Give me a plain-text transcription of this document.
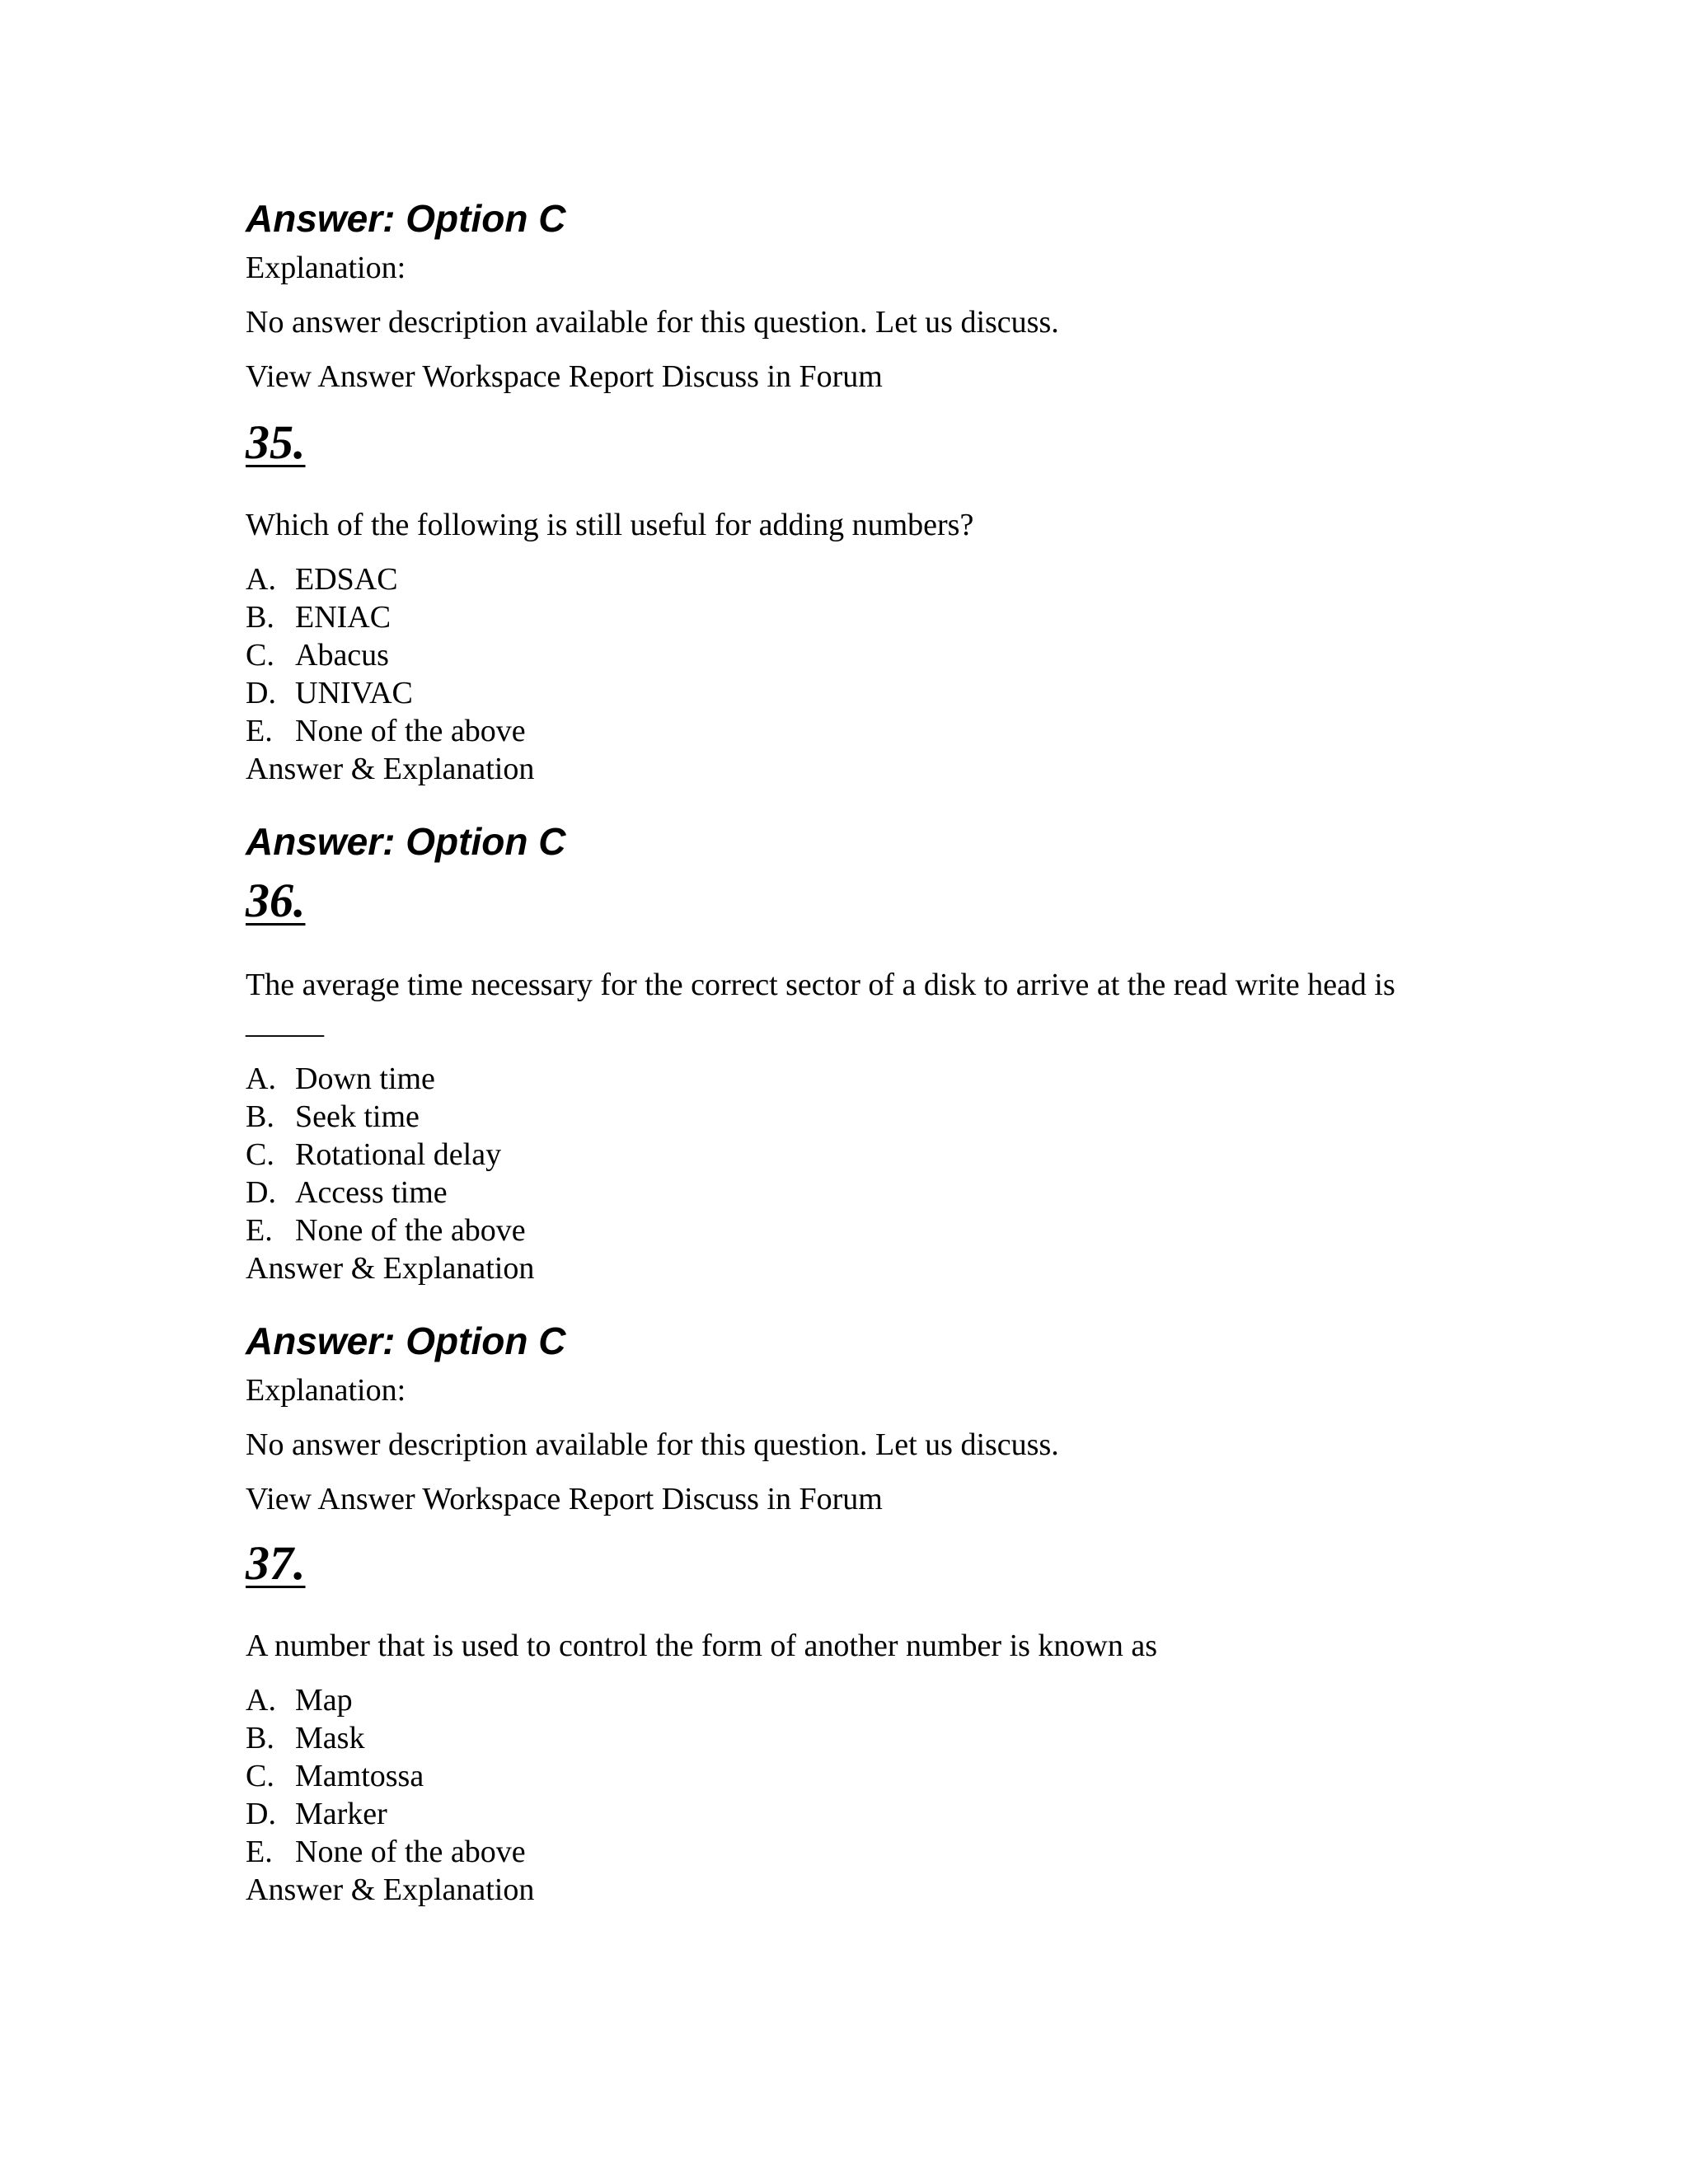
Answer: Option C
Explanation:
No answer description available for this question. Let us discuss.
View Answer Workspace Report Discuss in Forum
35.
Which of the following is still useful for adding numbers?
A. EDSAC
B. ENIAC
C. Abacus
D. UNIVAC
E. None of the above
Answer & Explanation
Answer: Option C
36.
The average time necessary for the correct sector of a disk to arrive at the read write head is _____
A. Down time
B. Seek time
C. Rotational delay
D. Access time
E. None of the above
Answer & Explanation
Answer: Option C
Explanation:
No answer description available for this question. Let us discuss.
View Answer Workspace Report Discuss in Forum
37.
A number that is used to control the form of another number is known as
A. Map
B. Mask
C. Mamtossa
D. Marker
E. None of the above
Answer & Explanation
